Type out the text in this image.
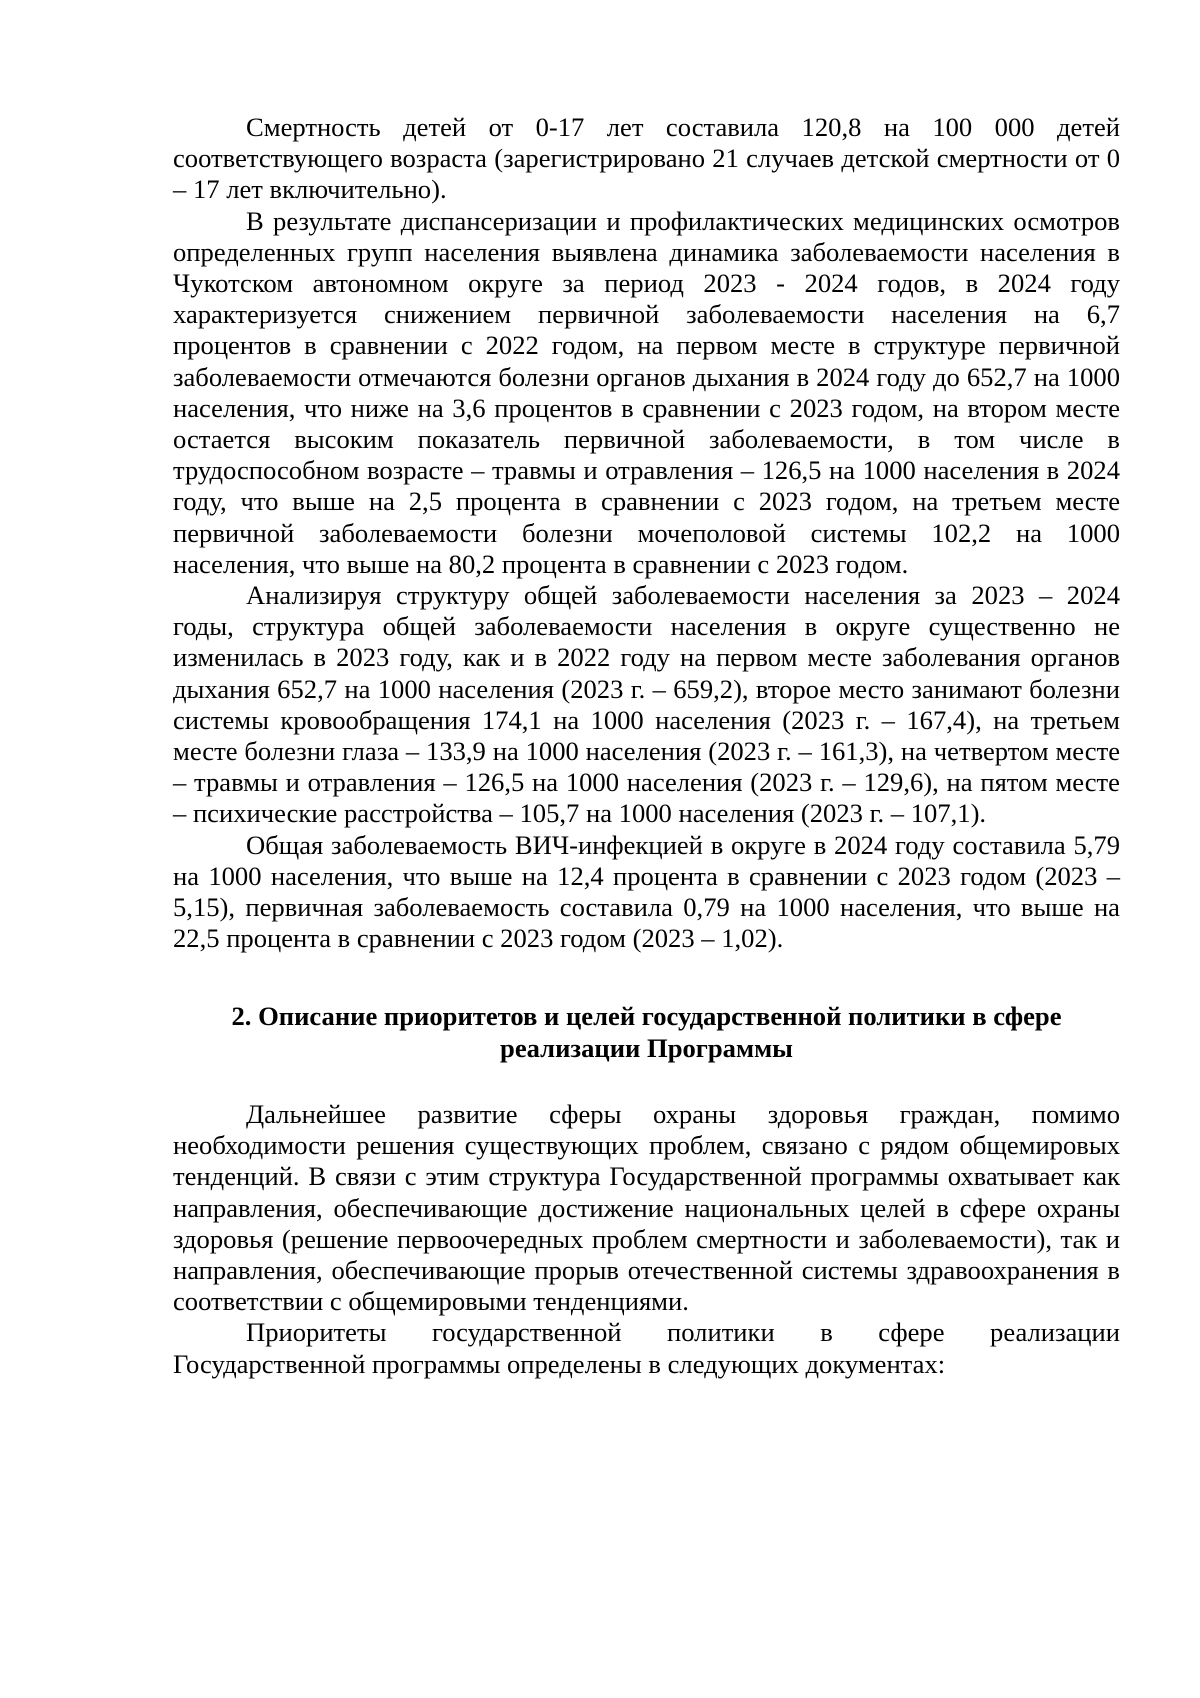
Смертность детей от 0-17 лет составила 120,8 на 100 000 детей соответствующего возраста (зарегистрировано 21 случаев детской смертности от 0 – 17 лет включительно).

В результате диспансеризации и профилактических медицинских осмотров определенных групп населения выявлена динамика заболеваемости населения в Чукотском автономном округе за период 2023 - 2024 годов, в 2024 году характеризуется снижением первичной заболеваемости населения на 6,7 процентов в сравнении с 2022 годом, на первом месте в структуре первичной заболеваемости отмечаются болезни органов дыхания в 2024 году до 652,7 на 1000 населения, что ниже на 3,6 процентов в сравнении с 2023 годом, на втором месте остается высоким показатель первичной заболеваемости, в том числе в трудоспособном возрасте – травмы и отравления – 126,5 на 1000 населения в 2024 году, что выше на 2,5 процента в сравнении с 2023 годом, на третьем месте первичной заболеваемости болезни мочеполовой системы 102,2 на 1000 населения, что выше на 80,2 процента в сравнении с 2023 годом.

Анализируя структуру общей заболеваемости населения за 2023 – 2024 годы, структура общей заболеваемости населения в округе существенно не изменилась в 2023 году, как и в 2022 году на первом месте заболевания органов дыхания 652,7 на 1000 населения (2023 г. – 659,2), второе место занимают болезни системы кровообращения 174,1 на 1000 населения (2023 г. – 167,4), на третьем месте болезни глаза – 133,9 на 1000 населения (2023 г. – 161,3), на четвертом месте – травмы и отравления – 126,5 на 1000 населения (2023 г. – 129,6), на пятом месте – психические расстройства – 105,7 на 1000 населения (2023 г. – 107,1).

Общая заболеваемость ВИЧ-инфекцией в округе в 2024 году составила 5,79 на 1000 населения, что выше на 12,4 процента в сравнении с 2023 годом (2023 – 5,15), первичная заболеваемость составила 0,79 на 1000 населения, что выше на 22,5 процента в сравнении с 2023 годом (2023 – 1,02).

2. Описание приоритетов и целей государственной политики в сфере
реализации Программы

Дальнейшее развитие сферы охраны здоровья граждан, помимо необходимости решения существующих проблем, связано с рядом общемировых тенденций. В связи с этим структура Государственной программы охватывает как направления, обеспечивающие достижение национальных целей в сфере охраны здоровья (решение первоочередных проблем смертности и заболеваемости), так и направления, обеспечивающие прорыв отечественной системы здравоохранения в соответствии с общемировыми тенденциями.

Приоритеты государственной политики в сфере реализации Государственной программы определены в следующих документах:
